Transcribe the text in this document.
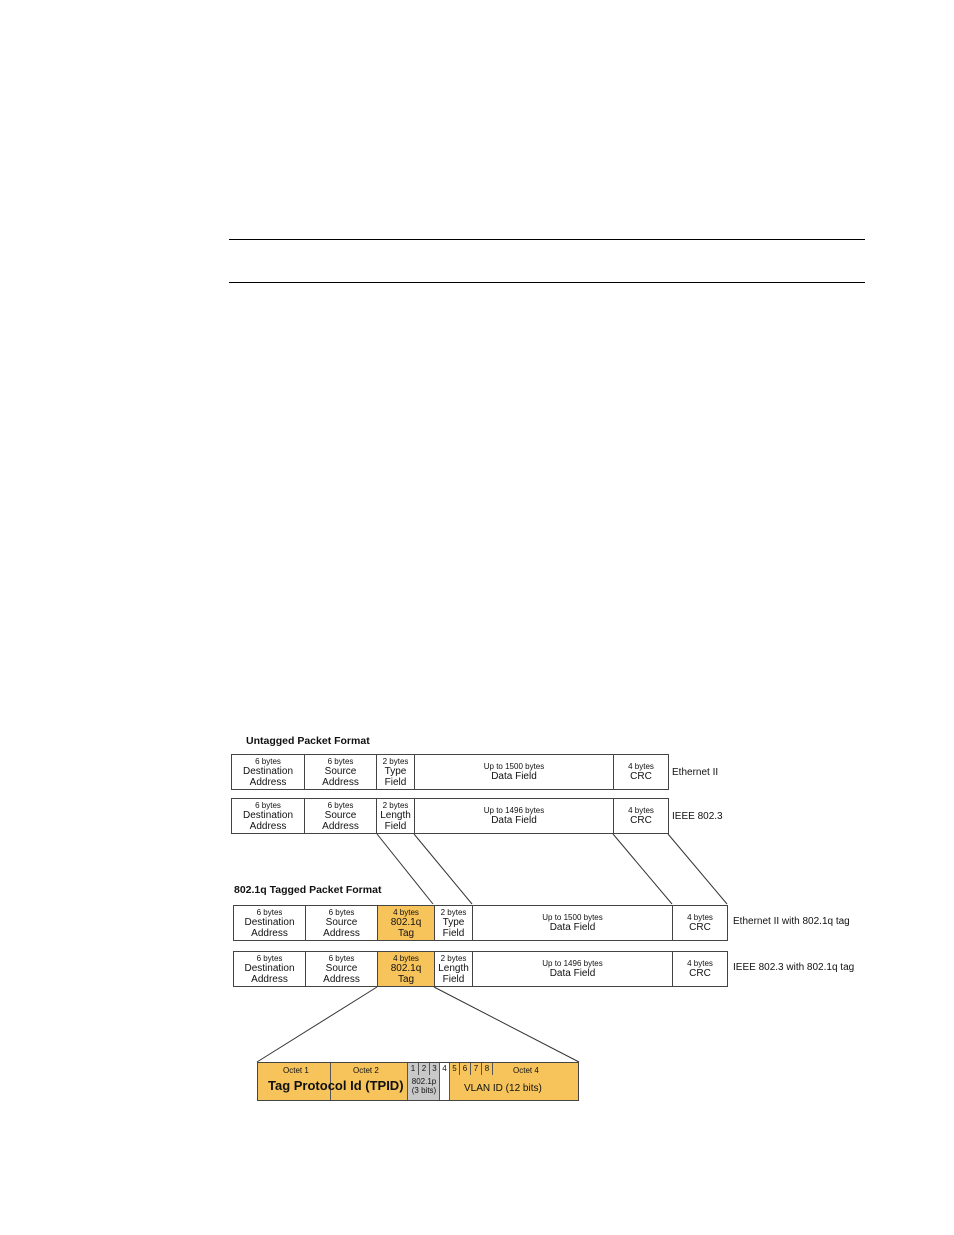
Untagged Packet Format
6 bytes
Destination
Address
6 bytes
Source
Address
2 bytes
Type
Field
Up to 1500 bytes
Data Field
4 bytes
CRC Ethernet II
6 bytes
Destination
Address
6 bytes
Source
Address
2 bytes
Length
Field
Up to 1496 bytes
Data Field
4 bytes
CRC IEEE 802.3
802.1q Tagged Packet Format
6 bytes
Destination
Address
6 bytes
Source
Address
4 bytes
802.1q
Tag
2 bytes
Type
Field
Up to 1500 bytes
Data Field
4 bytes
CRC
Ethernet II with 802.1q tag
6 bytes
Destination
Address
6 bytes
Source
Address
4 bytes
802.1q
Tag
2 bytes
Length
Field
Up to 1496 bytes
Data Field
4 bytes
CRC
IEEE 802.3 with 802.1q tag
Octet 1	Octet 2
Tag Protocol Id (TPID)
1 2 3 4 5 6 7 8
802.1p
(3 bits)
Octet 4
VLAN ID (12 bits)
